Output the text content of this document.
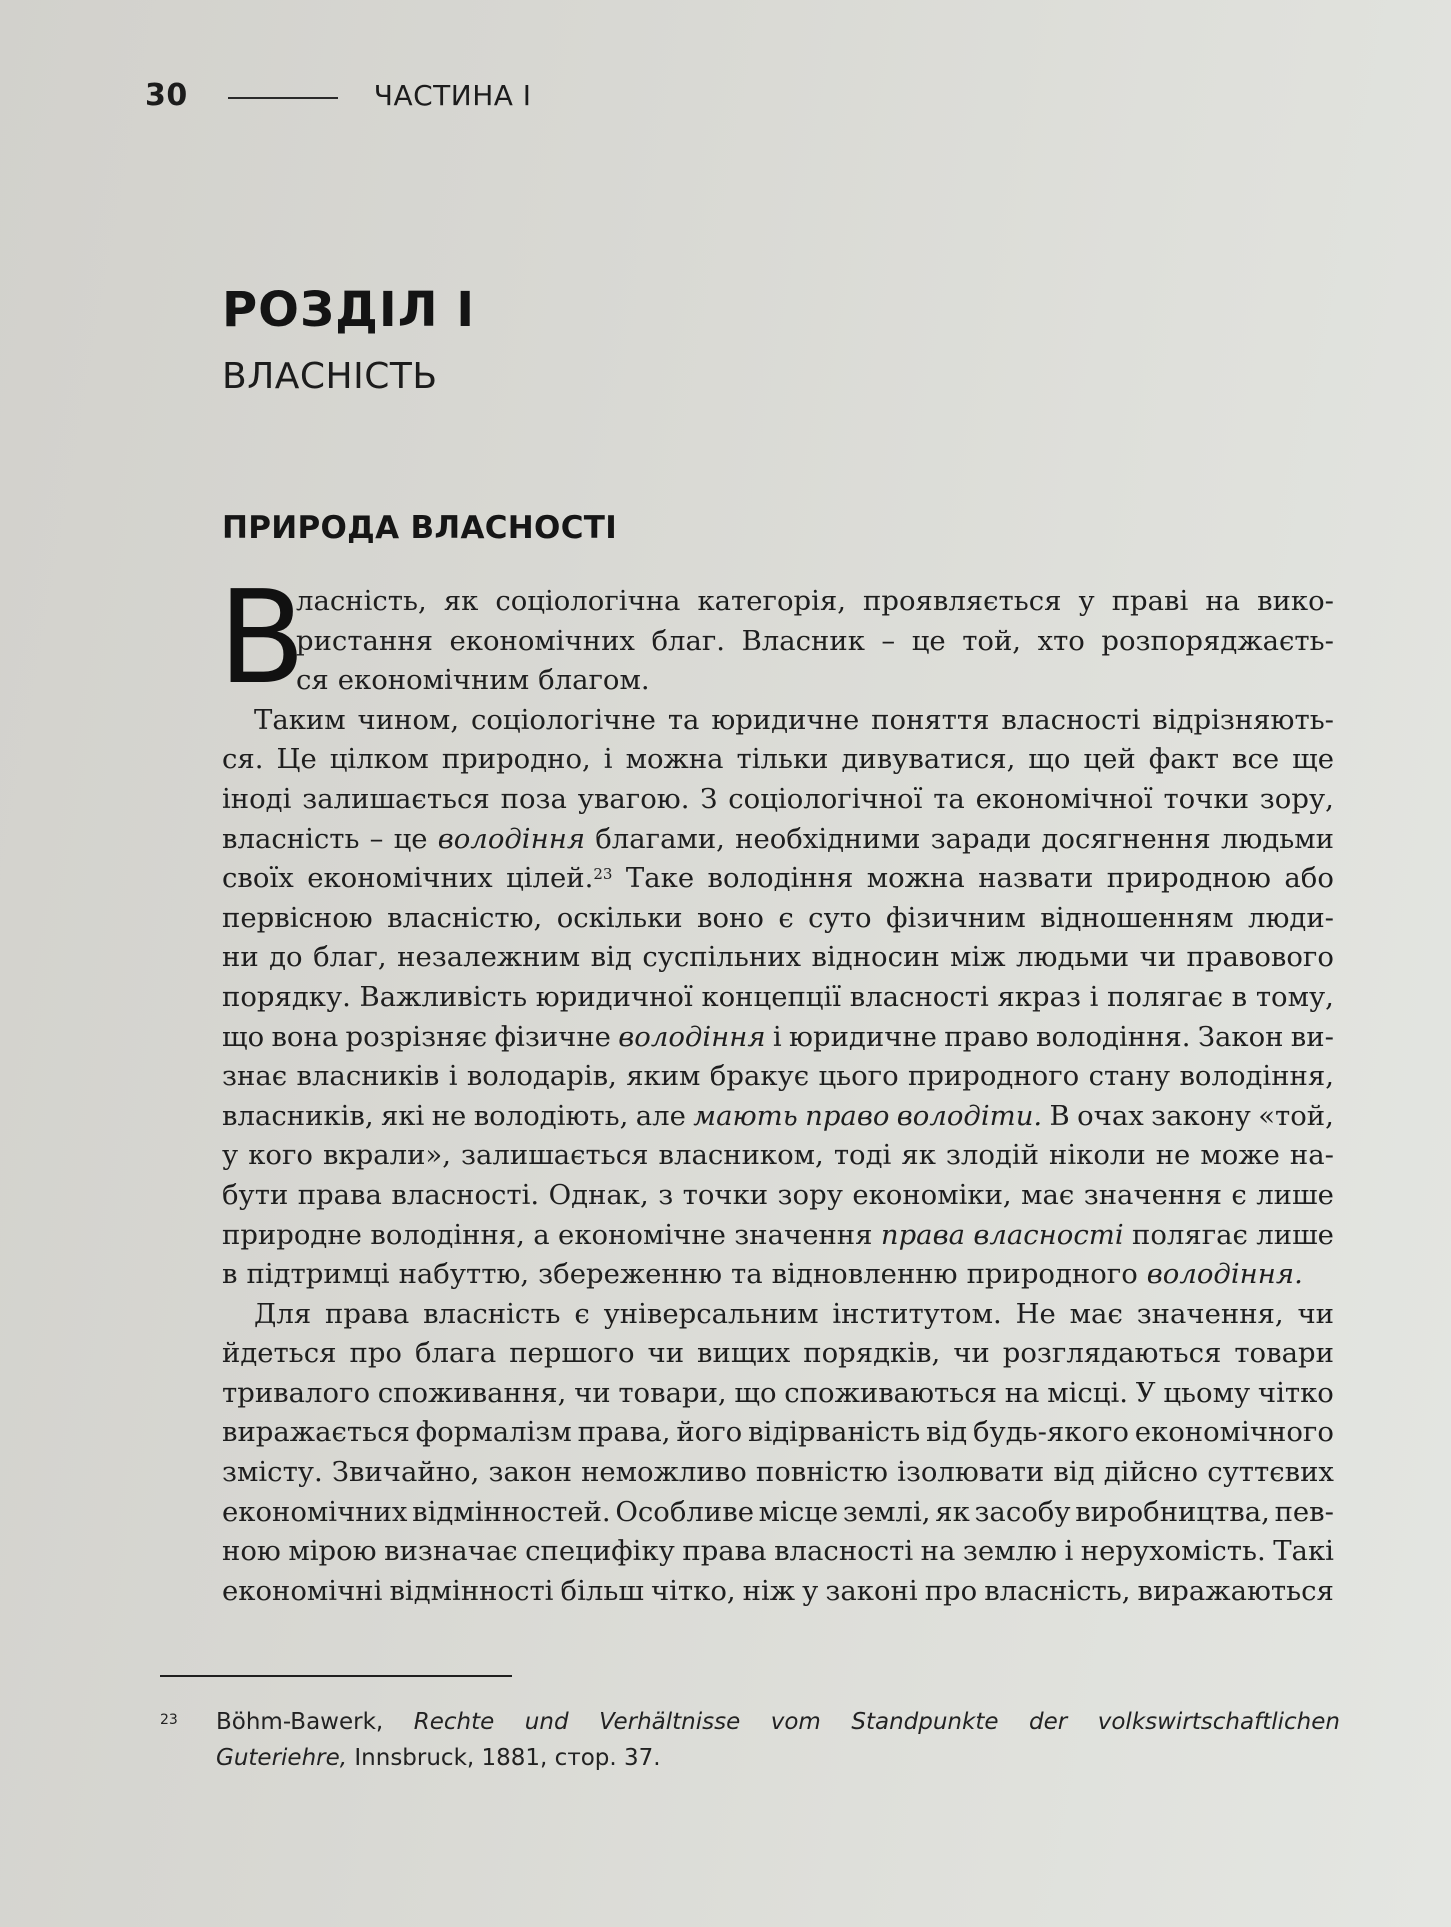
30	ЧАСТИНА І
РОЗДІЛ І
ВЛАСНІСТЬ
ПРИРОДА ВЛАСНОСТІ
В
ласність, як соціологічна категорія, проявляється у праві на вико-
ристання економічних благ. Власник – це той, хто розпоряджаєть-
ся економічним благом.
Таким чином, соціологічне та юридичне поняття власності відрізняють-
ся. Це цілком природно, і можна тільки дивуватися, що цей факт все ще
іноді залишається поза увагою. З соціологічної та економічної точки зору,
власність – це володіння благами, необхідними заради досягнення людьми
своїх економічних цілей.$^{23}$ Таке володіння можна назвати природною або
первісною власністю, оскільки воно є суто фізичним відношенням люди-
ни до благ, незалежним від суспільних відносин між людьми чи правового
порядку. Важливість юридичної концепції власності якраз і полягає в тому,
що вона розрізняє фізичне володіння і юридичне право володіння. Закон ви-
знає власників і володарів, яким бракує цього природного стану володіння,
власників, які не володіють, але мають право володіти. В очах закону «той,
у кого вкрали», залишається власником, тоді як злодій ніколи не може на-
бути права власності. Однак, з точки зору економіки, має значення є лише
природне володіння, а економічне значення права власності полягає лише
в підтримці набуттю, збереженню та відновленню природного володіння.
Для права власність є універсальним інститутом. Не має значення, чи
йдеться про блага першого чи вищих порядків, чи розглядаються товари
тривалого споживання, чи товари, що споживаються на місці. У цьому чітко
виражається формалізм права, його відірваність від будь-якого економічного
змісту. Звичайно, закон неможливо повністю ізолювати від дійсно суттєвих
економічних відмінностей. Особливе місце землі, як засобу виробництва, пев-
ною мірою визначає специфіку права власності на землю і нерухомість. Такі
економічні відмінності більш чітко, ніж у законі про власність, виражаються
23 Böhm-Bawerk, Rechte und Verhältnisse vom Standpunkte der volkswirtschaftlichen
Guteriehre, Innsbruck, 1881, стор. 37.
